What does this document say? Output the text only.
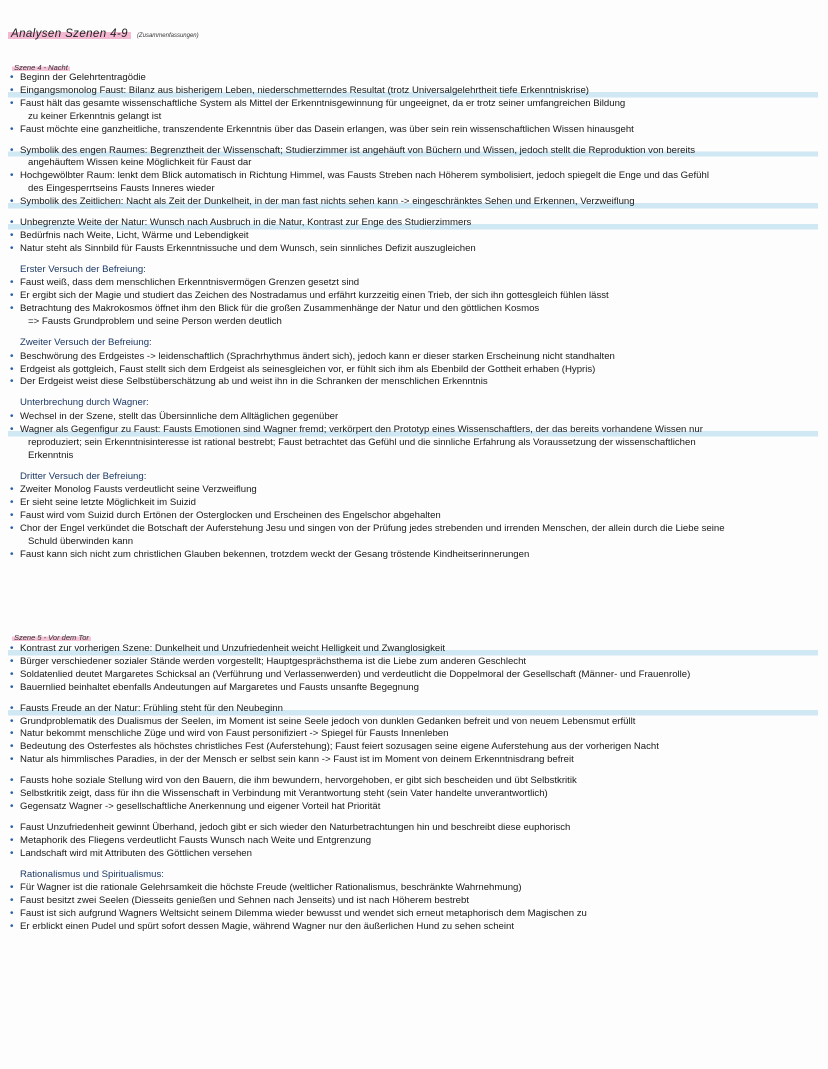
Analysen Szenen 4-9	(Zusammenfassungen)
Szene 4 - Nacht
• Beginn der Gelehrtentragödie
• Eingangsmonolog Faust: Bilanz aus bisherigem Leben, niederschmetterndes Resultat (trotz Universalgelehrtheit tiefe Erkenntniskrise)
• Faust hält das gesamte wissenschaftliche System als Mittel der Erkenntnisgewinnung für ungeeignet, da er trotz seiner umfangreichen Bildung
zu keiner Erkenntnis gelangt ist
• Faust möchte eine ganzheitliche, transzendente Erkenntnis über das Dasein erlangen, was über sein rein wissenschaftlichen Wissen hinausgeht
• Symbolik des engen Raumes: Begrenztheit der Wissenschaft; Studierzimmer ist angehäuft von Büchern und Wissen, jedoch stellt die Reproduktion von bereits
angehäuftem Wissen keine Möglichkeit für Faust dar
• Hochgewölbter Raum: lenkt dem Blick automatisch in Richtung Himmel, was Fausts Streben nach Höherem symbolisiert, jedoch spiegelt die Enge und das Gefühl
des Eingesperrtseins Fausts Inneres wieder
• Symbolik des Zeitlichen: Nacht als Zeit der Dunkelheit, in der man fast nichts sehen kann -> eingeschränktes Sehen und Erkennen, Verzweiflung
• Unbegrenzte Weite der Natur: Wunsch nach Ausbruch in die Natur, Kontrast zur Enge des Studierzimmers
• Bedürfnis nach Weite, Licht, Wärme und Lebendigkeit
• Natur steht als Sinnbild für Fausts Erkenntnissuche und dem Wunsch, sein sinnliches Defizit auszugleichen
Erster Versuch der Befreiung:
• Faust weiß, dass dem menschlichen Erkenntnisvermögen Grenzen gesetzt sind
• Er ergibt sich der Magie und studiert das Zeichen des Nostradamus und erfährt kurzzeitig einen Trieb, der sich ihn gottesgleich fühlen lässt
• Betrachtung des Makrokosmos öffnet ihm den Blick für die großen Zusammenhänge der Natur und den göttlichen Kosmos
=> Fausts Grundproblem und seine Person werden deutlich
Zweiter Versuch der Befreiung:
• Beschwörung des Erdgeistes -> leidenschaftlich (Sprachrhythmus ändert sich), jedoch kann er dieser starken Erscheinung nicht standhalten
• Erdgeist als gottgleich, Faust stellt sich dem Erdgeist als seinesgleichen vor, er fühlt sich ihm als Ebenbild der Gottheit erhaben (Hypris)
• Der Erdgeist weist diese Selbstüberschätzung ab und weist ihn in die Schranken der menschlichen Erkenntnis
Unterbrechung durch Wagner:
• Wechsel in der Szene, stellt das Übersinnliche dem Alltäglichen gegenüber
• Wagner als Gegenfigur zu Faust: Fausts Emotionen sind Wagner fremd; verkörpert den Prototyp eines Wissenschaftlers, der das bereits vorhandene Wissen nur
reproduziert; sein Erkenntnisinteresse ist rational bestrebt; Faust betrachtet das Gefühl und die sinnliche Erfahrung als Voraussetzung der wissenschaftlichen
Erkenntnis
Dritter Versuch der Befreiung:
• Zweiter Monolog Fausts verdeutlicht seine Verzweiflung
• Er sieht seine letzte Möglichkeit im Suizid
• Faust wird vom Suizid durch Ertönen der Osterglocken und Erscheinen des Engelschor abgehalten
• Chor der Engel verkündet die Botschaft der Auferstehung Jesu und singen von der Prüfung jedes strebenden und irrenden Menschen, der allein durch die Liebe seine
Schuld überwinden kann
• Faust kann sich nicht zum christlichen Glauben bekennen, trotzdem weckt der Gesang tröstende Kindheitserinnerungen
Szene 5 - Vor dem Tor
• Kontrast zur vorherigen Szene: Dunkelheit und Unzufriedenheit weicht Helligkeit und Zwanglosigkeit
• Bürger verschiedener sozialer Stände werden vorgestellt; Hauptgesprächsthema ist die Liebe zum anderen Geschlecht
• Soldatenlied deutet Margaretes Schicksal an (Verführung und Verlassenwerden) und verdeutlicht die Doppelmoral der Gesellschaft (Männer- und Frauenrolle)
• Bauernlied beinhaltet ebenfalls Andeutungen auf Margaretes und Fausts unsanfte Begegnung
• Fausts Freude an der Natur: Frühling steht für den Neubeginn
• Grundproblematik des Dualismus der Seelen, im Moment ist seine Seele jedoch von dunklen Gedanken befreit und von neuem Lebensmut erfüllt
• Natur bekommt menschliche Züge und wird von Faust personifiziert -> Spiegel für Fausts Innenleben
• Bedeutung des Osterfestes als höchstes christliches Fest (Auferstehung); Faust feiert sozusagen seine eigene Auferstehung aus der vorherigen Nacht
• Natur als himmlisches Paradies, in der der Mensch er selbst sein kann -> Faust ist im Moment von deinem Erkenntnisdrang befreit
• Fausts hohe soziale Stellung wird von den Bauern, die ihm bewundern, hervorgehoben, er gibt sich bescheiden und übt Selbstkritik
• Selbstkritik zeigt, dass für ihn die Wissenschaft in Verbindung mit Verantwortung steht (sein Vater handelte unverantwortlich)
• Gegensatz Wagner -> gesellschaftliche Anerkennung und eigener Vorteil hat Priorität
• Faust Unzufriedenheit gewinnt Überhand, jedoch gibt er sich wieder den Naturbetrachtungen hin und beschreibt diese euphorisch
• Metaphorik des Fliegens verdeutlicht Fausts Wunsch nach Weite und Entgrenzung
• Landschaft wird mit Attributen des Göttlichen versehen
Rationalismus und Spiritualismus:
• Für Wagner ist die rationale Gelehrsamkeit die höchste Freude (weltlicher Rationalismus, beschränkte Wahrnehmung)
• Faust besitzt zwei Seelen (Diesseits genießen und Sehnen nach Jenseits) und ist nach Höherem bestrebt
• Faust ist sich aufgrund Wagners Weltsicht seinem Dilemma wieder bewusst und wendet sich erneut metaphorisch dem Magischen zu
• Er erblickt einen Pudel und spürt sofort dessen Magie, während Wagner nur den äußerlichen Hund zu sehen scheint
